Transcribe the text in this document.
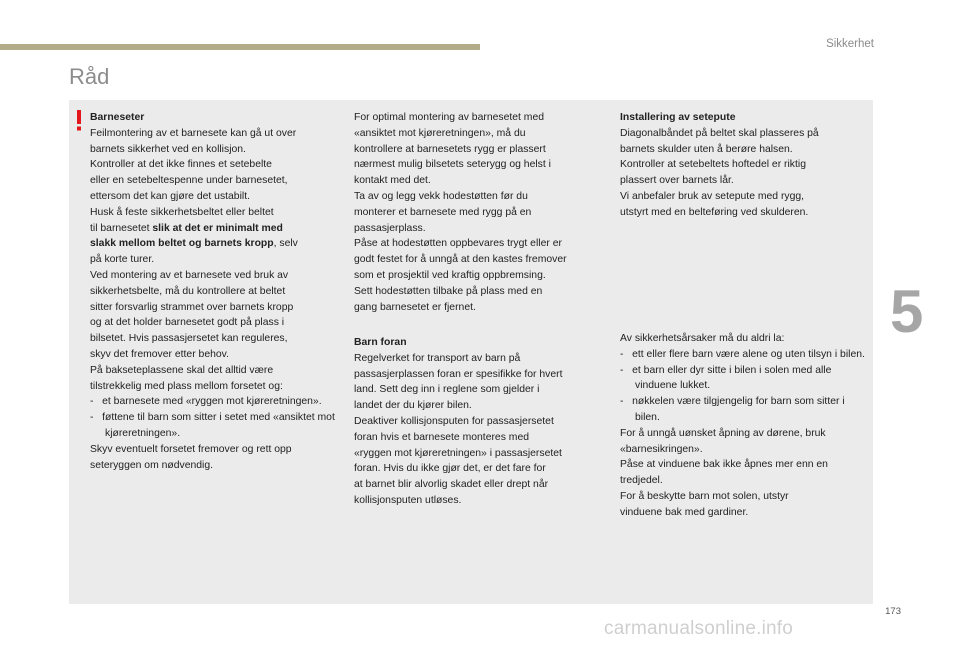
Sikkerhet
Råd

Barneseter

Feilmontering av et barnesete kan gå ut over

barnets sikkerhet ved en kollisjon.

Kontroller at det ikke finnes et setebelte

eller en setebeltespenne under barnesetet,

ettersom det kan gjøre det ustabilt.

Husk å feste sikkerhetsbeltet eller beltet

til barnesetet slik at det er minimalt med

slakk mellom beltet og barnets kropp, selv

på korte turer.

Ved montering av et barnesete ved bruk av

sikkerhetsbelte, må du kontrollere at beltet

sitter forsvarlig strammet over barnets kropp

og at det holder barnesetet godt på plass i

bilsetet. Hvis passasjersetet kan reguleres,

skyv det fremover etter behov.

På bakseteplassene skal det alltid være

tilstrekkelig med plass mellom forsetet og:

-   et barnesete med «ryggen mot kjøreretningen».

-   føttene til barn som sitter i setet med «ansiktet mot kjøreretningen».

Skyv eventuelt forsetet fremover og rett opp

seteryggen om nødvendig.

For optimal montering av barnesetet med

«ansiktet mot kjøreretningen», må du

kontrollere at barnesetets rygg er plassert

nærmest mulig bilsetets seterygg og helst i

kontakt med det.

Ta av og legg vekk hodestøtten før du

monterer et barnesete med rygg på en

passasjerplass.

Påse at hodestøtten oppbevares trygt eller er

godt festet for å unngå at den kastes fremover

som et prosjektil ved kraftig oppbremsing.

Sett hodestøtten tilbake på plass med en

gang barnesetet er fjernet.

Barn foran

Regelverket for transport av barn på

passasjerplassen foran er spesifikke for hvert

land. Sett deg inn i reglene som gjelder i

landet der du kjører bilen.

Deaktiver kollisjonsputen for passasjersetet

foran hvis et barnesete monteres med

«ryggen mot kjøreretningen» i passasjersetet

foran. Hvis du ikke gjør det, er det fare for

at barnet blir alvorlig skadet eller drept når

kollisjonsputen utløses.

Installering av setepute

Diagonalbåndet på beltet skal plasseres på

barnets skulder uten å berøre halsen.

Kontroller at setebeltets hoftedel er riktig

plassert over barnets lår.

Vi anbefaler bruk av setepute med rygg,

utstyrt med en belteføring ved skulderen.

Av sikkerhetsårsaker må du aldri la:

-   ett eller flere barn være alene og uten tilsyn i bilen.

-   et barn eller dyr sitte i bilen i solen med alle vinduene lukket.

-   nøkkelen være tilgjengelig for barn som sitter i bilen.

For å unngå uønsket åpning av dørene, bruk

«barnesikringen».

Påse at vinduene bak ikke åpnes mer enn en

tredjedel.

For å beskytte barn mot solen, utstyr

vinduene bak med gardiner.

5
173
carmanualsonline.info
